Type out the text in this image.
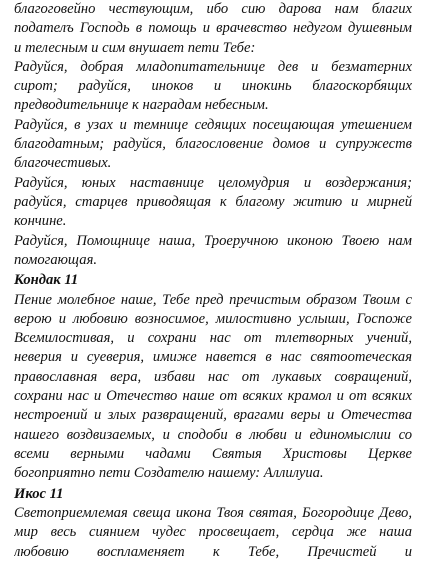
благоговейно чествующим, ибо сию дарова нам благих
подателъ Господь в помощь и врачевство недугом душевным
и телесным и сим внушает пети Тебе:
Радуйся, добрая младопитательнице дев и безматерних
сирот; радуйся, иноков и инокинь благоскорбящих
предводительнице к наградам небесным.
Радуйся, в узах и темнице седящих посещающая утешением
благодатным; радуйся, благословение домов и супружеств
благочестивых.
Радуйся, юных наставнице целомудрия и воздержания;
радуйся, старцев приводящая к благому житию и мирней
кончине.
Радуйся, Помощнице наша, Троеручною иконою Твоею нам
помогающая.
Кондак 11
Пение молебное наше, Тебе пред пречистым образом Твоим с
верою и любовию возносимое, милостивно услыши, Госпоже
Всемилостивая, и сохрани нас от тлетворных учений,
неверия и суеверия, имиже навется в нас святоотеческая
православная вера, избави нас от лукавых совращений,
сохрани нас и Отечество наше от всяких крамол и от всяких
нестроений и злых развращений, врагами веры и Отечества
нашего воздвизаемых, и сподоби в любви и единомыслии со
всеми верными чадами Святыя Христовы Церкве
богоприятно пети Создателю нашему: Аллилуиа.
Икос 11
Светоприемлемая свеща икона Твоя святая, Богородице Дево,
мир весь сиянием чудес просвещает, сердца же наша
любовию воспламеняет к Тебе, Пречистей и
